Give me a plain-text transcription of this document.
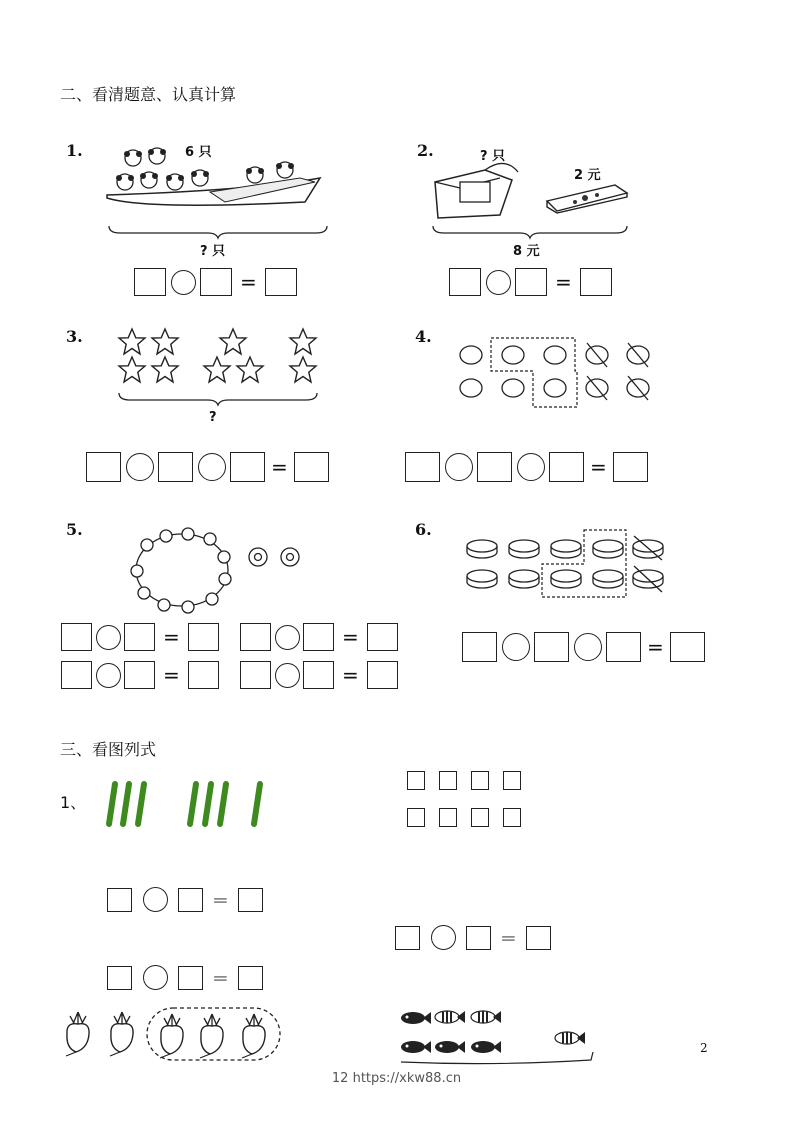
二、看清题意、认真计算
1.	6 只
? 只
=
2.	? 只
2 元
8 元
=
3.
?
=
4.
=
5.
=	=
=	=
6.
=
三、看图列式
1、
=
=
=
2
12 https://xkw88.cn
